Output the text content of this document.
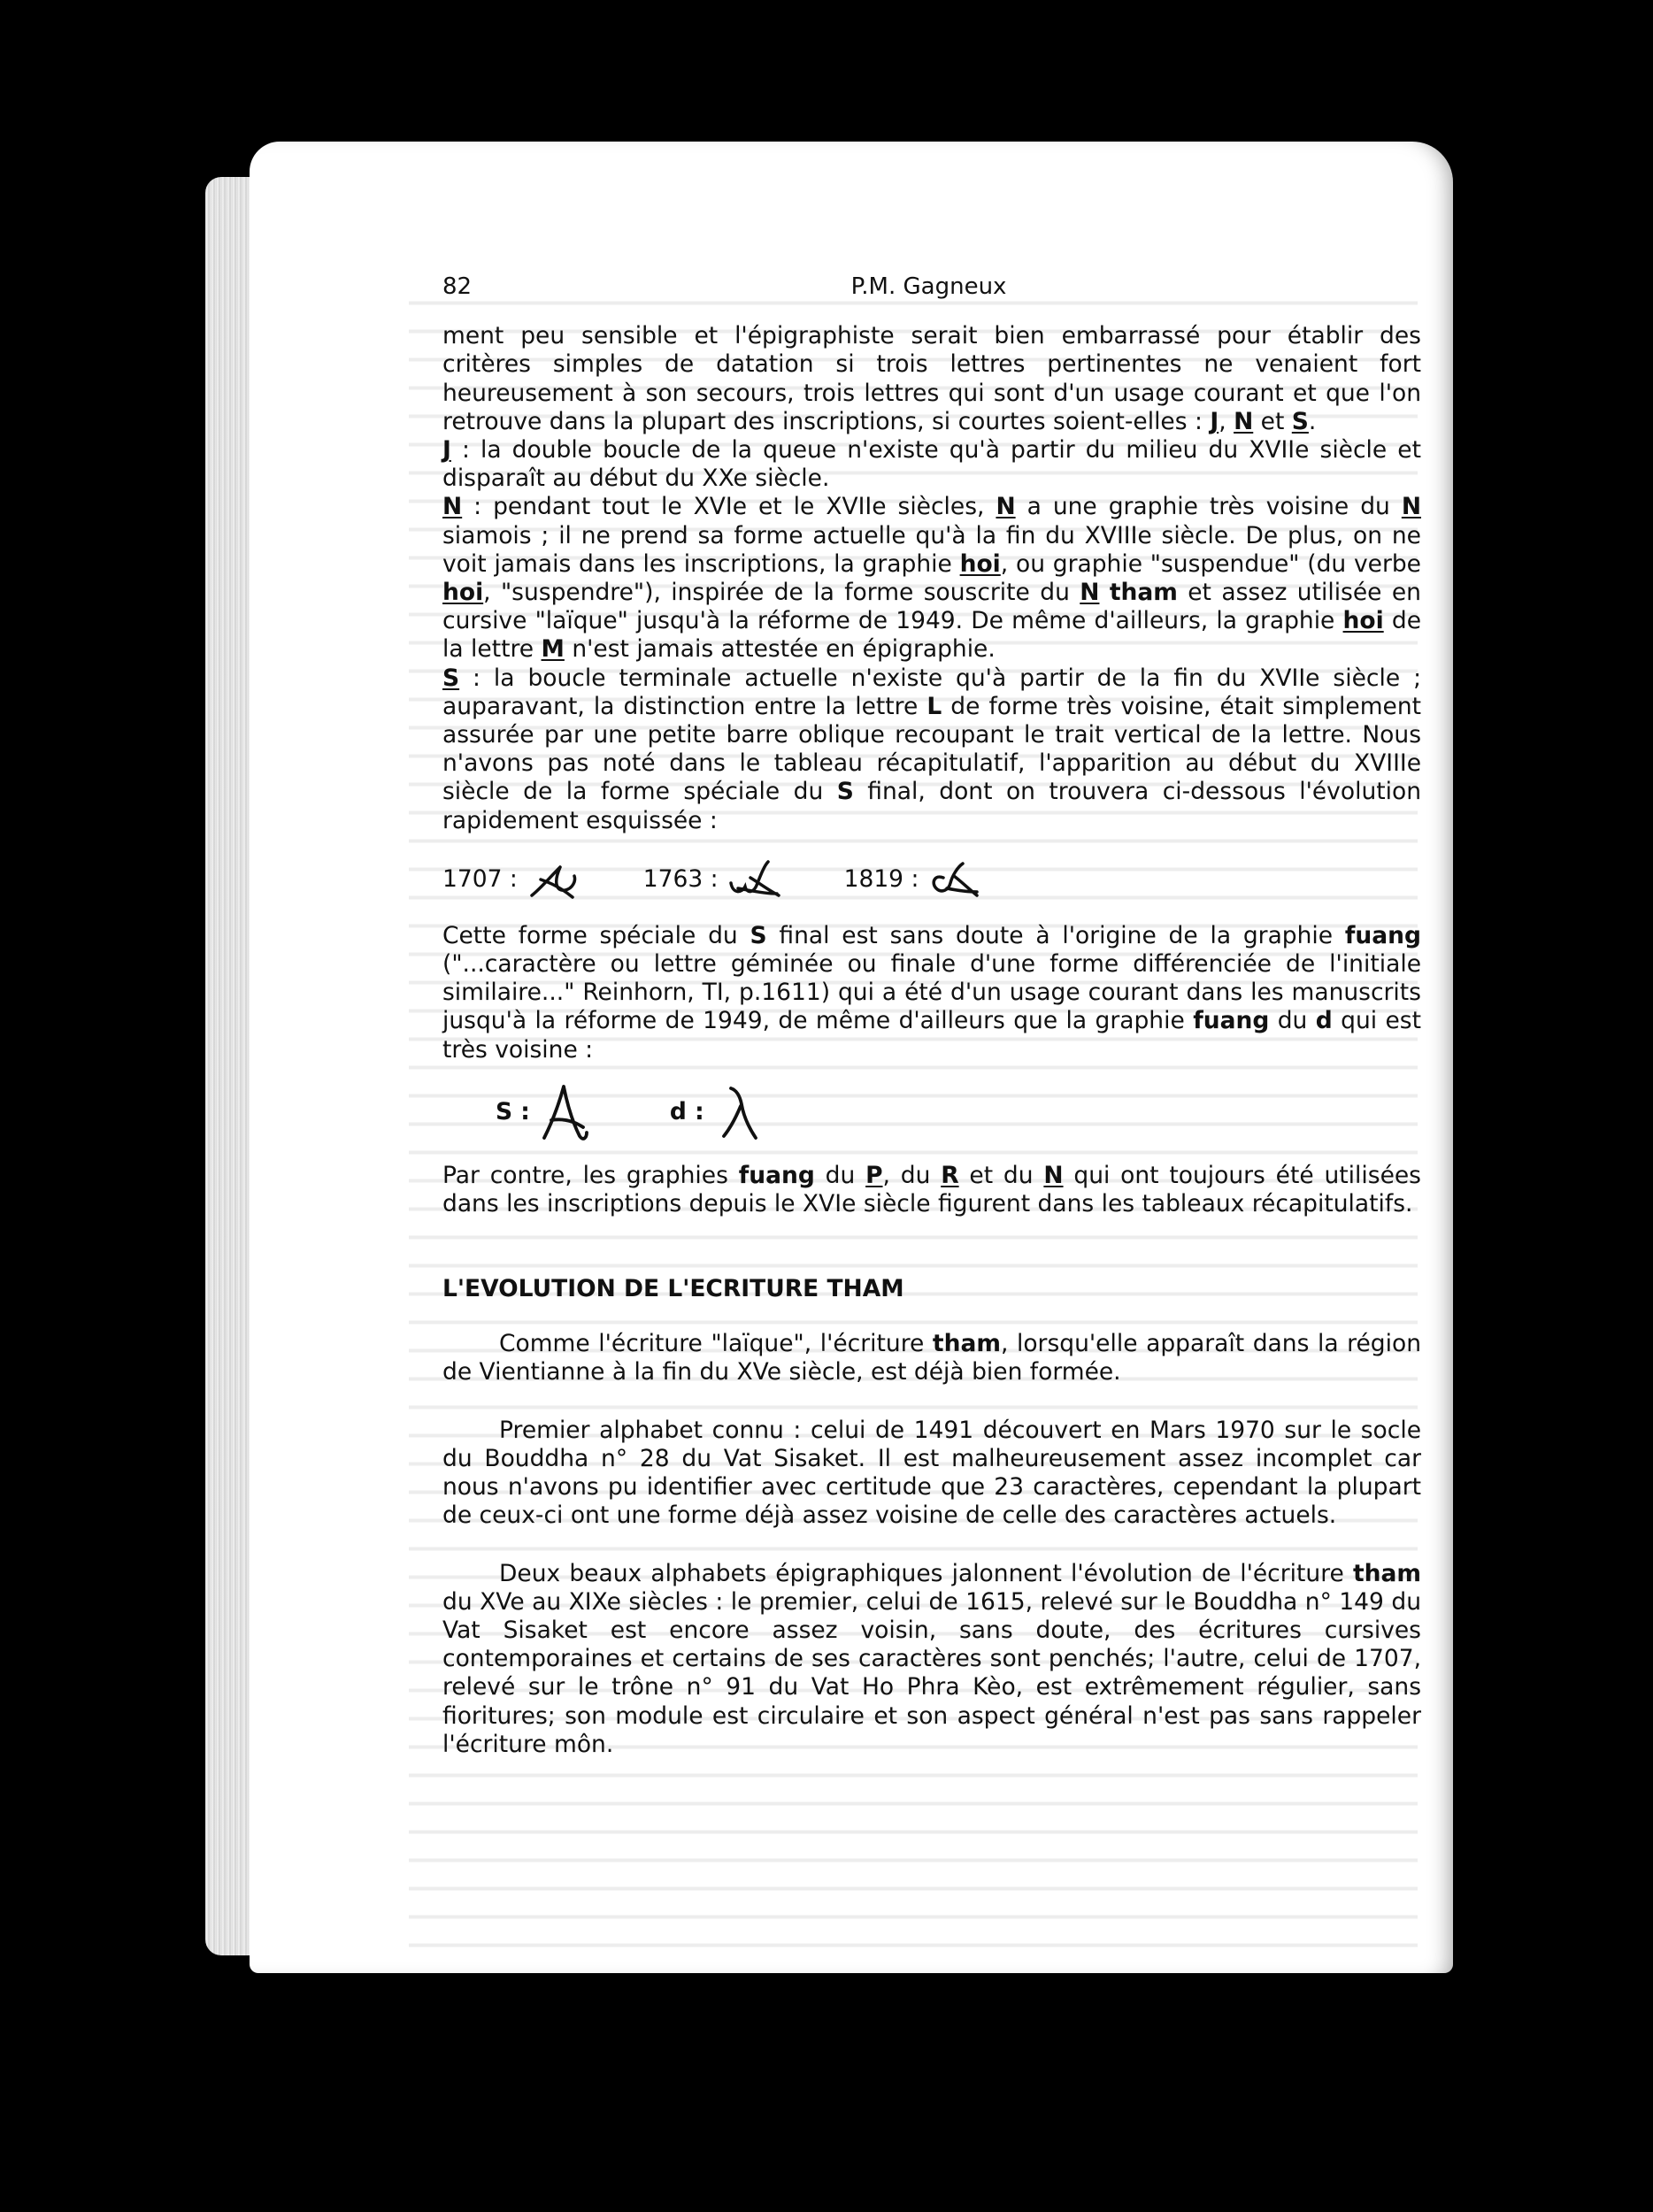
82	P.M. Gagneux

ment peu sensible et l'épigraphiste serait bien embarrassé pour établir des critères simples de datation si trois lettres pertinentes ne venaient fort heureusement à son secours, trois lettres qui sont d'un usage courant et que l'on retrouve dans la plupart des inscriptions, si courtes soient-elles : J, N et S.

J : la double boucle de la queue n'existe qu'à partir du milieu du XVIIe siècle et disparaît au début du XXe siècle.

N : pendant tout le XVIe et le XVIIe siècles, N a une graphie très voisine du N siamois ; il ne prend sa forme actuelle qu'à la fin du XVIIIe siècle. De plus, on ne voit jamais dans les inscriptions, la graphie hoi, ou graphie "suspendue" (du verbe hoi, "suspendre"), inspirée de la forme souscrite du N tham et assez utilisée en cursive "laïque" jusqu'à la réforme de 1949. De même d'ailleurs, la graphie hoi de la lettre M n'est jamais attestée en épigraphie.

S : la boucle terminale actuelle n'existe qu'à partir de la fin du XVIIe siècle ; auparavant, la distinction entre la lettre L de forme très voisine, était simplement assurée par une petite barre oblique recoupant le trait vertical de la lettre. Nous n'avons pas noté dans le tableau récapitulatif, l'apparition au début du XVIIIe siècle de la forme spéciale du S final, dont on trouvera ci-dessous l'évolution rapidement esquissée :

1707 :	1763 :	1819 :

Cette forme spéciale du S final est sans doute à l'origine de la graphie fuang ("...caractère ou lettre géminée ou finale d'une forme différenciée de l'initiale similaire..." Reinhorn, TI, p.1611) qui a été d'un usage courant dans les manuscrits jusqu'à la réforme de 1949, de même d'ailleurs que la graphie fuang du d qui est très voisine :

S :	d :

Par contre, les graphies fuang du P, du R et du N qui ont toujours été utilisées dans les inscriptions depuis le XVIe siècle figurent dans les tableaux récapitulatifs.

L'EVOLUTION DE L'ECRITURE THAM

Comme l'écriture "laïque", l'écriture tham, lorsqu'elle apparaît dans la région de Vientianne à la fin du XVe siècle, est déjà bien formée.

Premier alphabet connu : celui de 1491 découvert en Mars 1970 sur le socle du Bouddha n° 28 du Vat Sisaket. Il est malheureusement assez incomplet car nous n'avons pu identifier avec certitude que 23 caractères, cependant la plupart de ceux-ci ont une forme déjà assez voisine de celle des caractères actuels.

Deux beaux alphabets épigraphiques jalonnent l'évolution de l'écriture tham du XVe au XIXe siècles : le premier, celui de 1615, relevé sur le Bouddha n° 149 du Vat Sisaket est encore assez voisin, sans doute, des écritures cursives contemporaines et certains de ses caractères sont penchés; l'autre, celui de 1707, relevé sur le trône n° 91 du Vat Ho Phra Kèo, est extrêmement régulier, sans fioritures; son module est circulaire et son aspect général n'est pas sans rappeler l'écriture môn.
